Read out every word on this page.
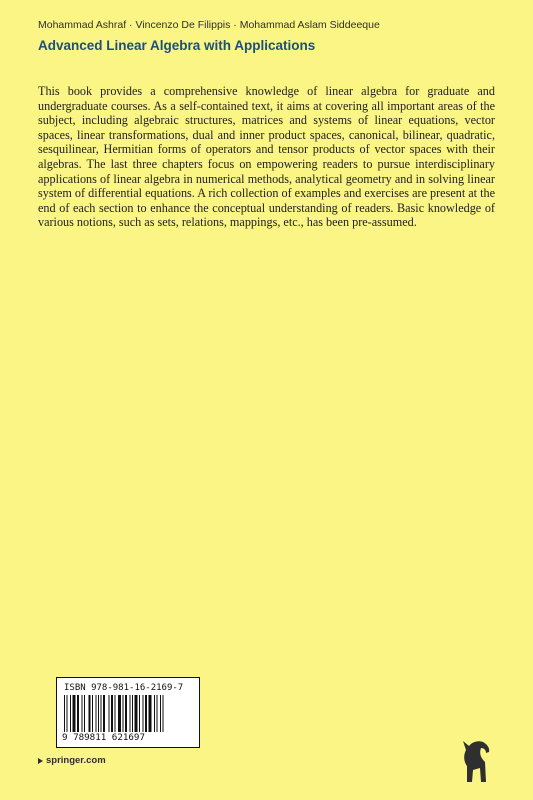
Mohammad Ashraf · Vincenzo De Filippis · Mohammad Aslam Siddeeque
Advanced Linear Algebra with Applications

This book provides a comprehensive knowledge of linear algebra for graduate and undergraduate courses. As a self-contained text, it aims at covering all important areas of the subject, including algebraic structures, matrices and systems of linear equations, vector spaces, linear transformations, dual and inner product spaces, canonical, bilinear, quadratic, sesquilinear, Hermitian forms of operators and tensor products of vector spaces with their algebras. The last three chapters focus on empowering readers to pursue interdisciplinary applications of linear algebra in numerical methods, analytical geometry and in solving linear system of differential equations. A rich collection of examples and exercises are present at the end of each section to enhance the conceptual understanding of readers. Basic knowledge of various notions, such as sets, relations, mappings, etc., has been pre-assumed.

ISBN 978-981-16-2169-7
9 789811 621697
springer.com
